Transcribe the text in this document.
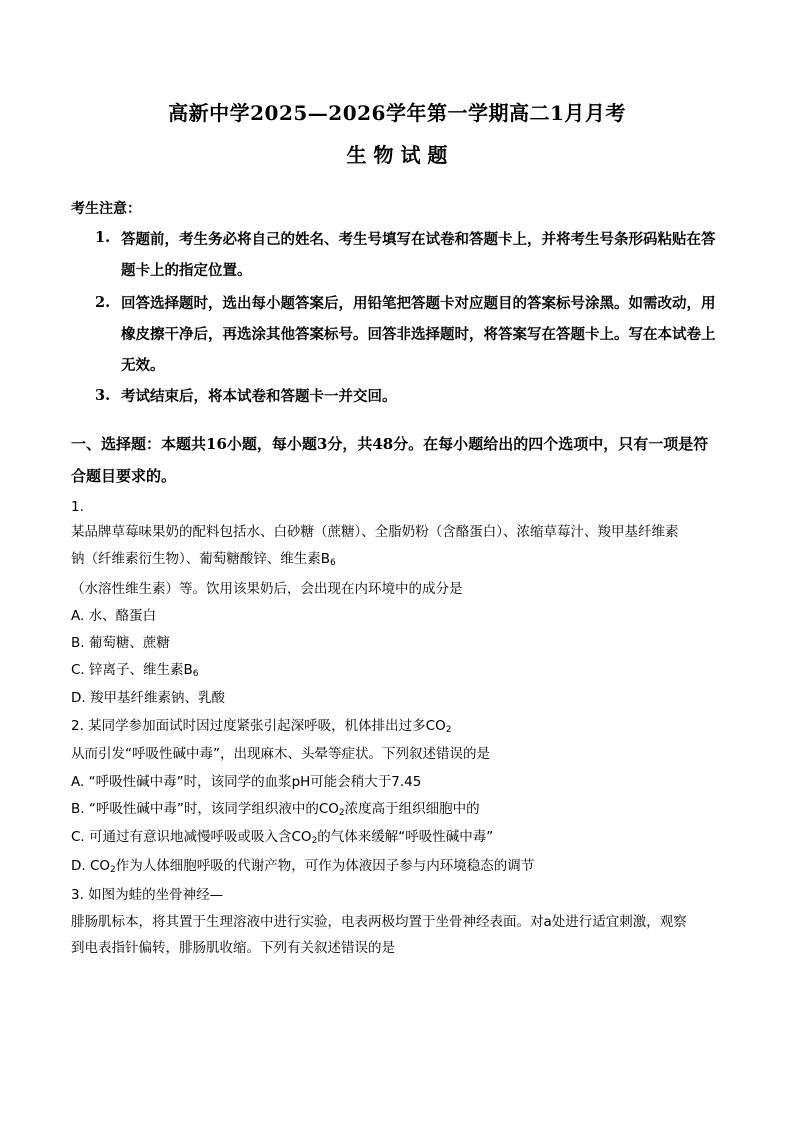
高新中学2025—2026学年第一学期高二1月月考
生 物 试 题
考生注意：
1. 答题前，考生务必将自己的姓名、考生号填写在试卷和答题卡上，并将考生号条形码粘贴在答题卡上的指定位置。
2. 回答选择题时，选出每小题答案后，用铅笔把答题卡对应题目的答案标号涂黑。如需改动，用橡皮擦干净后，再选涂其他答案标号。回答非选择题时，将答案写在答题卡上。写在本试卷上无效。
3. 考试结束后，将本试卷和答题卡一并交回。
一、选择题：本题共16小题，每小题3分，共48分。在每小题给出的四个选项中，只有一项是符合题目要求的。
1.
某品牌草莓味果奶的配料包括水、白砂糖（蔗糖）、全脂奶粉（含酪蛋白）、浓缩草莓汁、羧甲基纤维素
钠（纤维素衍生物）、葡萄糖酸锌、维生素$B_6$
（水溶性维生素）等。饮用该果奶后，会出现在内环境中的成分是
A. 水、酪蛋白
B. 葡萄糖、蔗糖
C. 锌离子、维生素$B_6$
D. 羧甲基纤维素钠、乳酸
2. 某同学参加面试时因过度紧张引起深呼吸，机体排出过多$CO_2$
从而引发“呼吸性碱中毒”，出现麻木、头晕等症状。下列叙述错误的是
A. “呼吸性碱中毒”时，该同学的血浆pH可能会稍大于7.45
B. “呼吸性碱中毒”时，该同学组织液中的$CO_2$浓度高于组织细胞中的
C. 可通过有意识地减慢呼吸或吸入含$CO_2$的气体来缓解“呼吸性碱中毒”
D. $CO_2$作为人体细胞呼吸的代谢产物，可作为体液因子参与内环境稳态的调节
3. 如图为蛙的坐骨神经—
腓肠肌标本，将其置于生理溶液中进行实验，电表两极均置于坐骨神经表面。对a处进行适宜刺激，观察
到电表指针偏转，腓肠肌收缩。下列有关叙述错误的是
